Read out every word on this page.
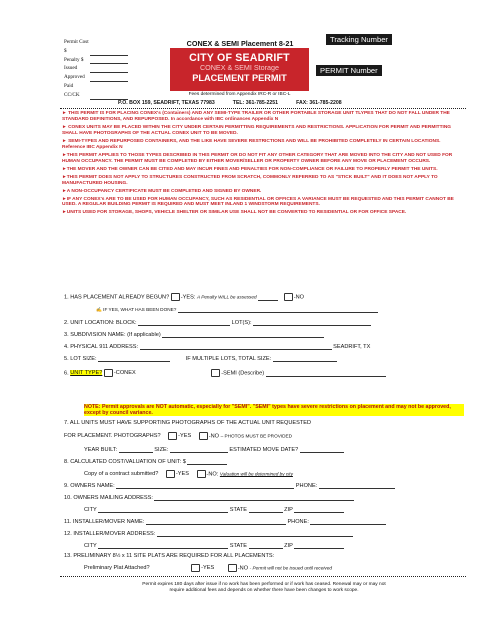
Permit Cost $
Penalty $
Issued
Approved
Paid CC/CK
CONEX & SEMI Placement 8-21
CITY OF SEADRIFT
CONEX & SEMI Storage
PLACEMENT PERMIT
Tracking Number
PERMIT Number
Fees determined from Appendix IRC-R or IBC-L
P.O. BOX 159, SEADRIFT, TEXAS 77983	TEL: 361-785-2251	FAX: 361-785-2208

► THIS PERMIT IS FOR PLACING CONEX's (Containers) AND ANY SEMI-TYPE TRAILER OR OTHER PORTABLE STORAGE UNIT TLYPES THAT DO NOT FALL UNDER THE STANDARD DEFINITIONS, AND REPURPOSED. In accordance with IBC ordinances Appendix N

► CONEX UNITS MAY BE PLACED WITHIN THE CITY UNDER CERTAIN PERMITTING REQUIREMENTS AND RESTRICTIONS. APPLICATION FOR PERMIT AND PERMITTING SHALL HAVE PHOTOGRAPHS OF THE ACTUAL CONEX UNIT TO BE MOVED.

► SEMI-TYPES AND REPURPOSED CONTAINERS, AND THE LIKE HAVE SEVERE RESTRICTIONS AND WILL BE PROHIBITED COMPLETELY IN CERTAIN LOCATIONS. Reference IBC Appendix N

►THIS PERMIT APPLIES TO THOSE TYPES DESCRIBED IN THIS PERMIT OR DO NOT FIT ANY OTHER CATEGORY THAT ARE MOVED INTO THE CITY AND NOT USED FOR HUMAN OCCUPANCY. THE PERMIT MUST BE COMPLETED BY EITHER MOVER/SELLER OR PROPERTY OWNER BEFORE ANY MOVE OR PLACEMENT OCCURS.

►THE MOVER AND THE OWNER CAN BE CITED AND MAY INCUR FINES AND PENALTIES FOR NON-COMPLIANCE OR FAILURE TO PROPERLY PERMIT THE UNITS.

►THIS PERMIT DOES NOT APPLY TO STRUCTURES CONSTRUCTED FROM SCRATCH, COMMONLY REFERRED TO AS "STICK BUILT" AND IT DOES NOT APPLY TO MANUFACTURED HOUSING.

►A NON-OCCUPANCY CERTIFICATE MUST BE COMPLETED AND SIGNED BY OWNER.

►IF ANY CONEX's ARE TO BE USED FOR HUMAN OCCUPANCY, SUCH AS RESIDENTIAL OR OFFICES A VARIANCE MUST BE REQUESTED AND THIS PERMIT CANNOT BE USED. A REGULAR BUILDING PERMIT IS REQUIRED AND MUST MEET INLAND 1 WINDSTORM REQUIREMENTS.

►UNITS USED FOR STORAGE, SHOPS, VEHICLE SHELTER OR SIMILAR USE SHALL NOT BE CONVERTED TO RESIDENTIAL OR FOR OFFICE SPACE.

1. HAS PLACEMENT ALREADY BEGUN? -YES: A Penalty WILL be assessed	-NO
✍ IF YES, WHAT HAS BEEN DONE?
2. UNIT LOCATION: BLOCK:	LOT(S):
3. SUBDIVISION NAME: (If applicable)
4. PHYSICAL 911 ADDRESS:	SEADRIFT, TX
5. LOT SIZE:	IF MULTIPLE LOTS, TOTAL SIZE:
6. UNIT TYPE? -CONEX	-SEMI (Describe)
NOTE: Permit approvals are NOT automatic, especially for "SEMI". "SEMI" types have severe restrictions on placement and may not be approved, except by council variance.
7. ALL UNITS MUST HAVE SUPPORTING PHOTOGRAPHS OF THE ACTUAL UNIT REQUESTED
FOR PLACEMENT. PHOTOGRAPHS?	-YES	-NO – PHOTOS MUST BE PROVIDED
YEAR BUILT:	SIZE:	ESTIMATED MOVE DATE?
8. CALCULATED COST/VALUATION OF UNIT: $
Copy of a contract submitted?	-YES	-NO: Valuation will be determined by city
9. OWNERS NAME:	PHONE:
10. OWNERS MAILING ADDRESS:
CITY	STATE	ZIP
11. INSTALLER/MOVER NAME:	PHONE:
12. INSTALLER/MOVER ADDRESS:
CITY	STATE	ZIP
13. PRELIMINARY 8½ x 11 SITE PLATS ARE REQUIRED FOR ALL PLACEMENTS:
Preliminary Plat Attached?	-YES	-NO - Permit will not be issued until received
Permit expires 180 days after issue if no work has been performed or if work has ceased. Renewal may or may not
require additional fees and depends on whether there have been changes to work scope.
